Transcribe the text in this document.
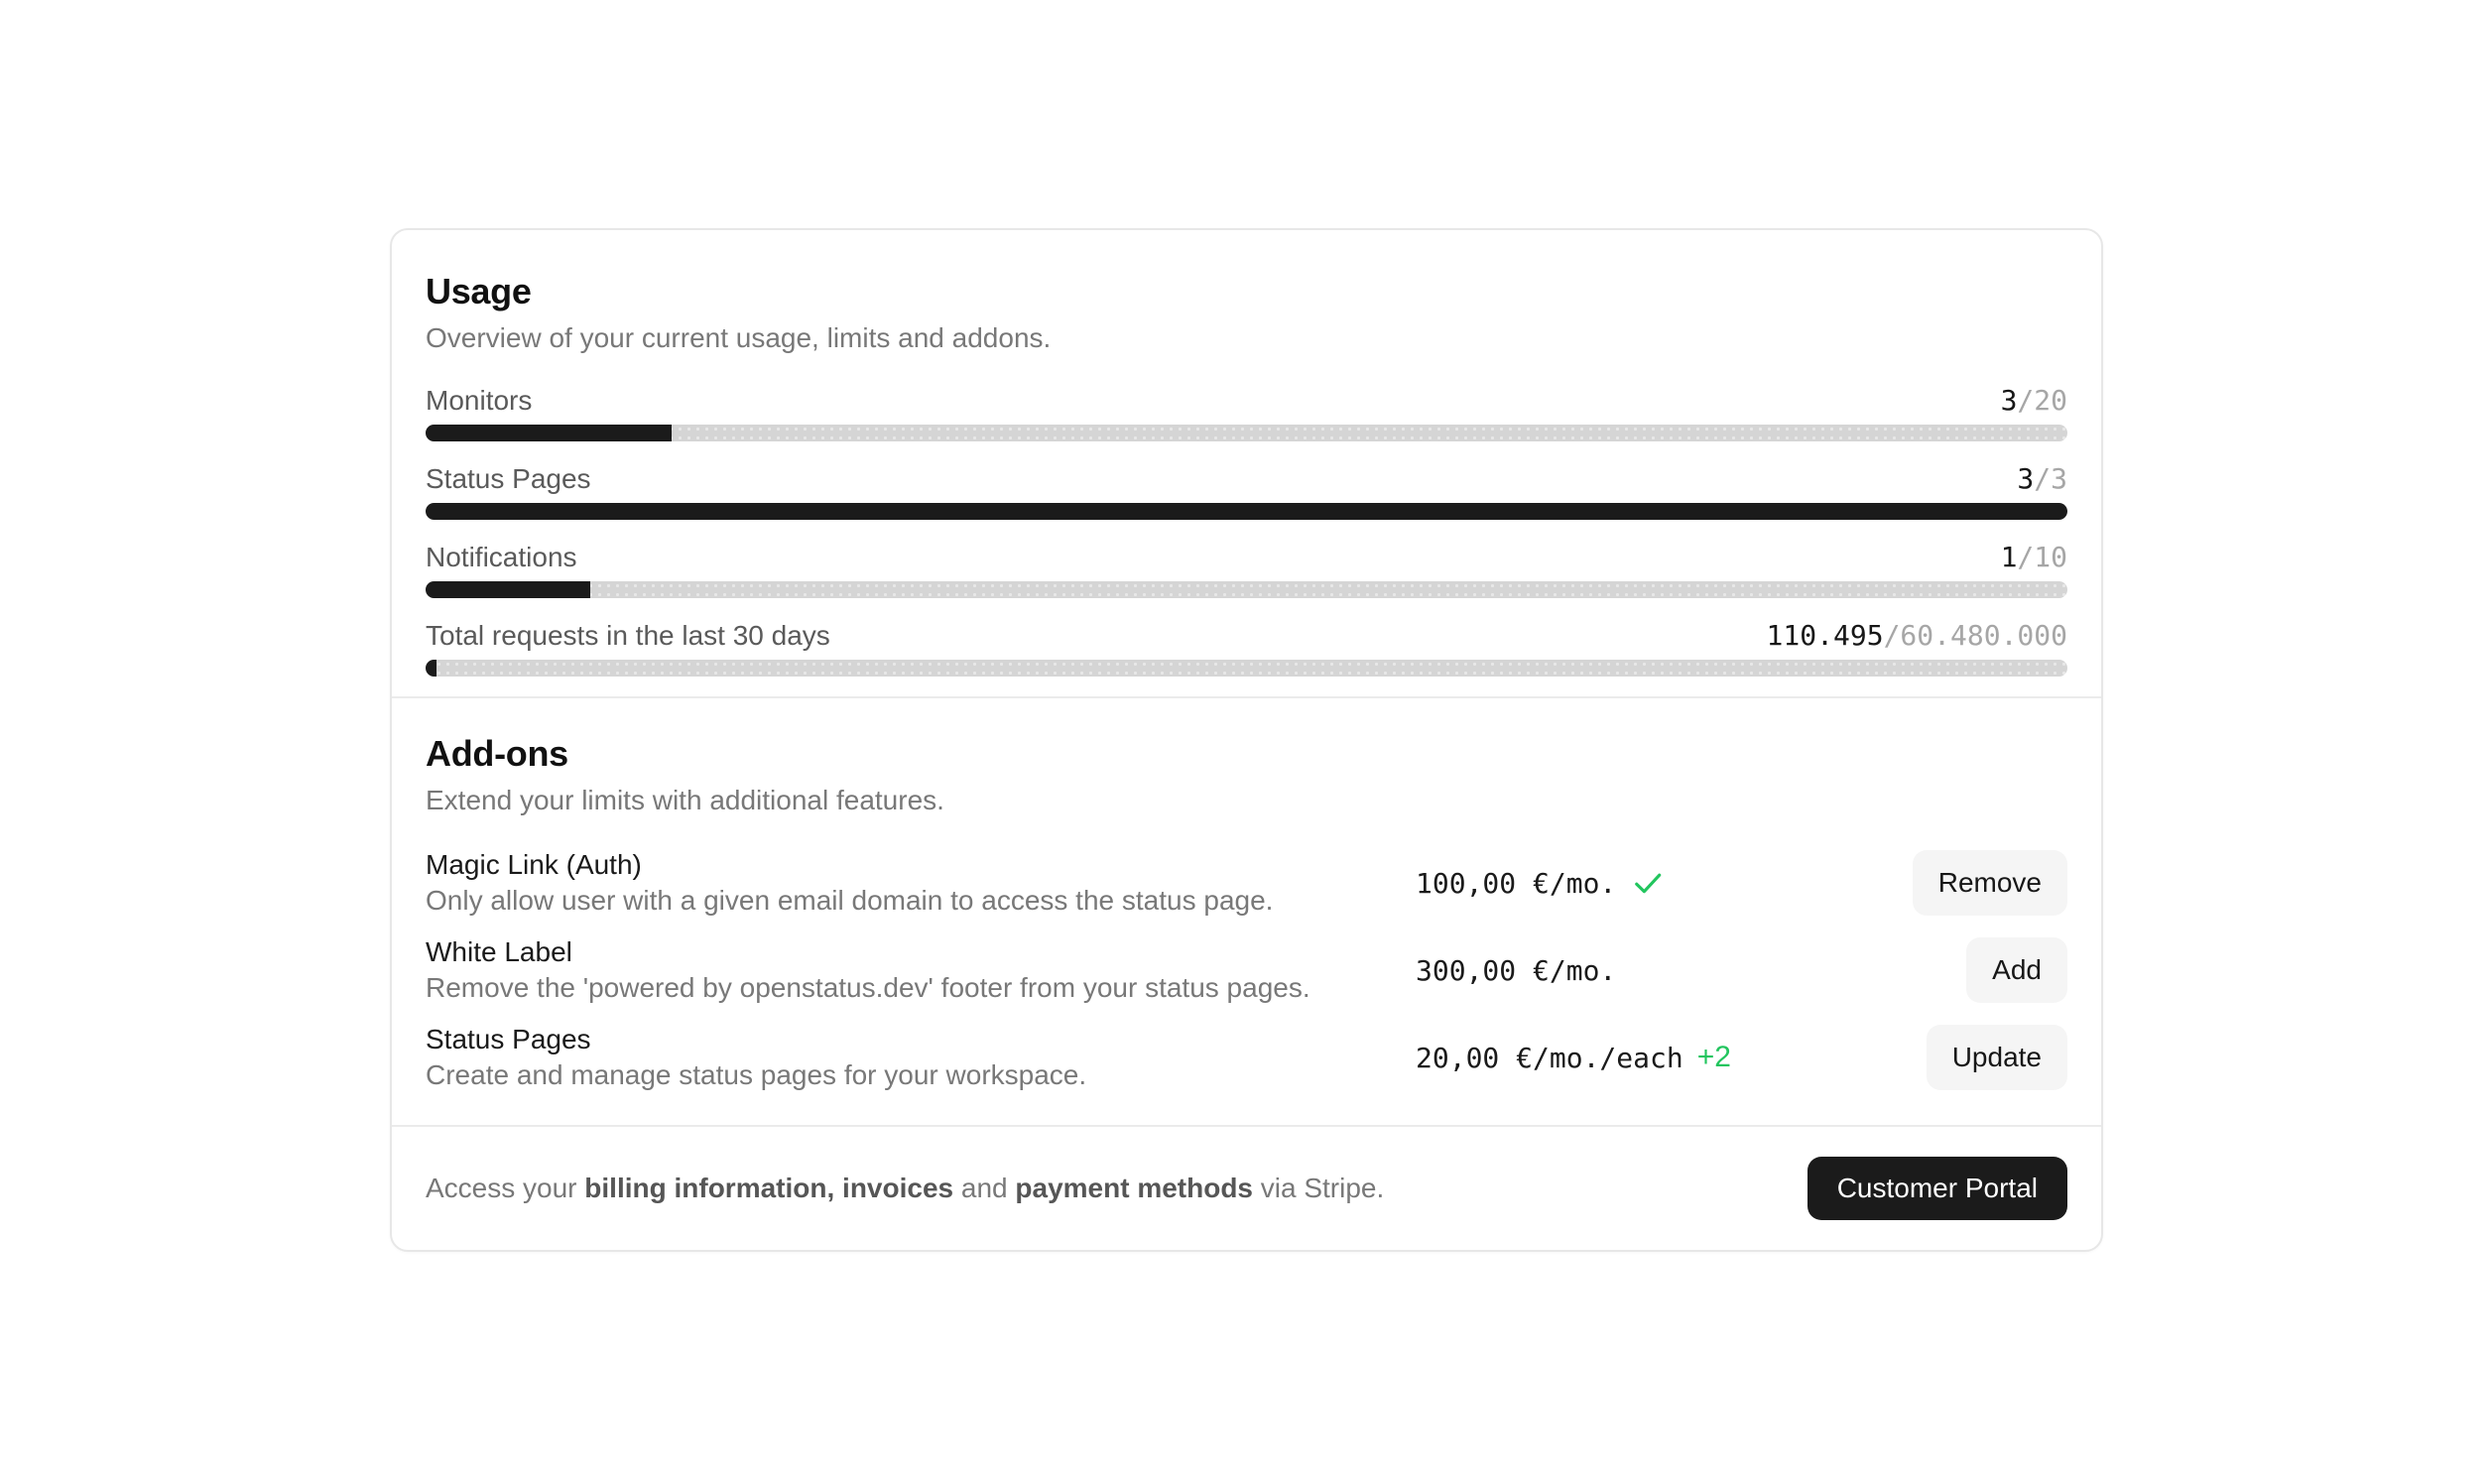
Usage

Overview of your current usage, limits and addons.

Monitors	3/20
Status Pages	3/3
Notifications	1/10
Total requests in the last 30 days	110.495/60.480.000
Add-ons

Extend your limits with additional features.

Magic Link (Auth)
Only allow user with a given email domain to access the status page.
100,00 €/mo.	Remove
White Label
Remove the 'powered by openstatus.dev' footer from your status pages.
300,00 €/mo.	Add
Status Pages
Create and manage status pages for your workspace.
20,00 €/mo./each +2	Update

Access your billing information, invoices and payment methods via Stripe.	Customer Portal
